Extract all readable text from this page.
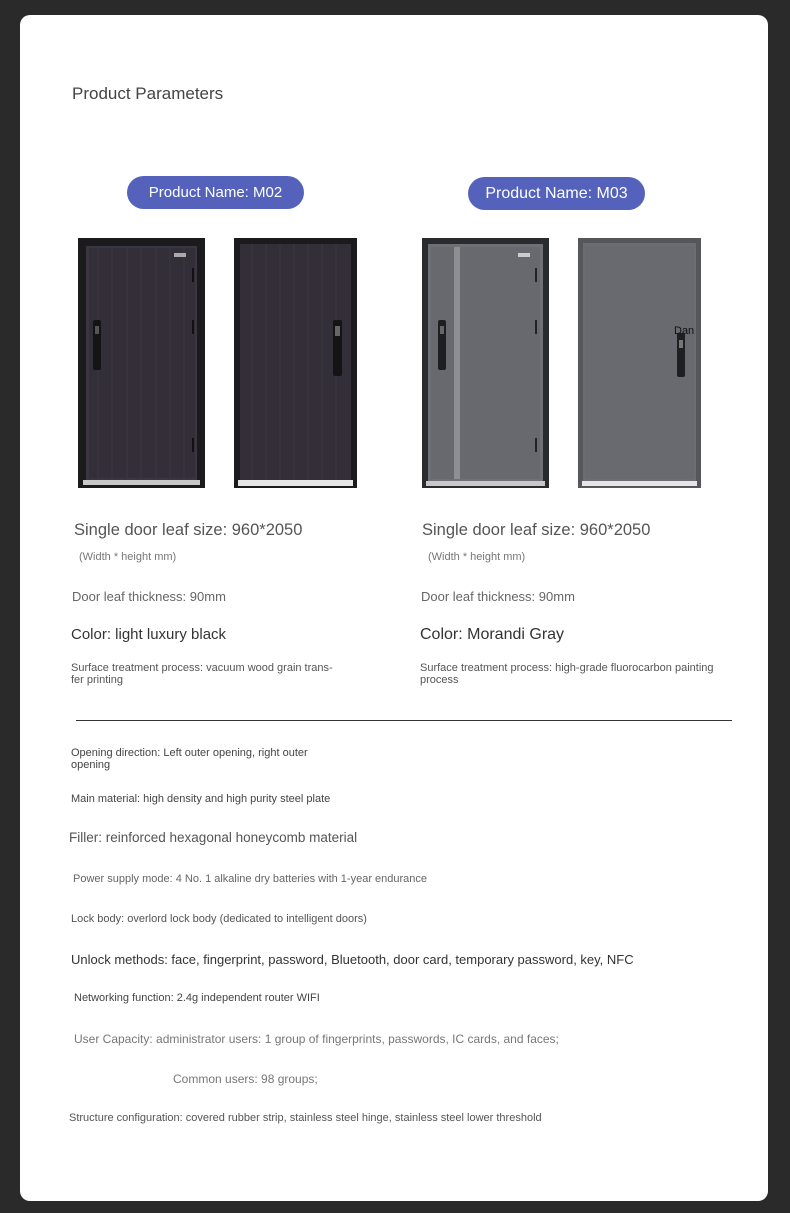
Product Parameters
Product Name: M02	Product Name: M03
Dan
Single door leaf size: 960*2050
(Width * height mm)
Door leaf thickness: 90mm
Color: light luxury black
Surface treatment process: vacuum wood grain trans-fer printing
Single door leaf size: 960*2050
(Width * height mm)
Door leaf thickness: 90mm
Color: Morandi Gray
Surface treatment process: high-grade fluorocarbon painting process
Opening direction: Left outer opening, right outer opening
Main material: high density and high purity steel plate
Filler: reinforced hexagonal honeycomb material
Power supply mode: 4 No. 1 alkaline dry batteries with 1-year endurance
Lock body: overlord lock body (dedicated to intelligent doors)
Unlock methods: face, fingerprint, password, Bluetooth, door card, temporary password, key, NFC
Networking function: 2.4g independent router WIFI
User Capacity: administrator users: 1 group of fingerprints, passwords, IC cards, and faces;
Common users: 98 groups;
Structure configuration: covered rubber strip, stainless steel hinge, stainless steel lower threshold
